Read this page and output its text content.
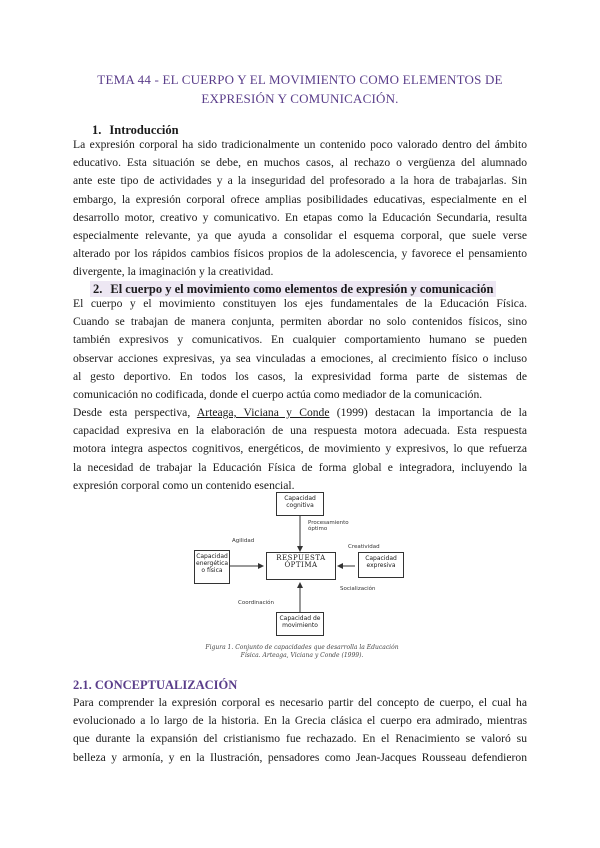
TEMA 44 - EL CUERPO Y EL MOVIMIENTO COMO ELEMENTOS DE
EXPRESIÓN Y COMUNICACIÓN.
1. Introducción
La expresión corporal ha sido tradicionalmente un contenido poco valorado dentro del ámbito
educativo. Esta situación se debe, en muchos casos, al rechazo o vergüenza del alumnado
ante este tipo de actividades y a la inseguridad del profesorado a la hora de trabajarlas. Sin
embargo, la expresión corporal ofrece amplias posibilidades educativas, especialmente en el
desarrollo motor, creativo y comunicativo. En etapas como la Educación Secundaria, resulta
especialmente relevante, ya que ayuda a consolidar el esquema corporal, que suele verse
alterado por los rápidos cambios físicos propios de la adolescencia, y favorece el pensamiento
divergente, la imaginación y la creatividad.
2. El cuerpo y el movimiento como elementos de expresión y comunicación
El cuerpo y el movimiento constituyen los ejes fundamentales de la Educación Física.
Cuando se trabajan de manera conjunta, permiten abordar no solo contenidos físicos, sino
también expresivos y comunicativos. En cualquier comportamiento humano se pueden
observar acciones expresivas, ya sea vinculadas a emociones, al crecimiento físico o incluso
al gesto deportivo. En todos los casos, la expresividad forma parte de sistemas de
comunicación no codificada, donde el cuerpo actúa como mediador de la comunicación.
Desde esta perspectiva, Arteaga, Viciana y Conde (1999) destacan la importancia de la
capacidad expresiva en la elaboración de una respuesta motora adecuada. Esta respuesta
motora integra aspectos cognitivos, energéticos, de movimiento y expresivos, lo que refuerza
la necesidad de trabajar la Educación Física de forma global e integradora, incluyendo la
expresión corporal como un contenido esencial.
Capacidad cognitiva
Capacidad energética o física
RESPUESTA ÓPTIMA
Capacidad expresiva
Capacidad de movimiento
Procesamiento óptimo
Agilidad
Creatividad
Socialización
Coordinación
Figura 1. Conjunto de capacidades que desarrolla la Educación Física. Arteaga, Viciana y Conde (1999).
2.1. CONCEPTUALIZACIÓN
Para comprender la expresión corporal es necesario partir del concepto de cuerpo, el cual ha
evolucionado a lo largo de la historia. En la Grecia clásica el cuerpo era admirado, mientras
que durante la expansión del cristianismo fue rechazado. En el Renacimiento se valoró su
belleza y armonía, y en la Ilustración, pensadores como Jean-Jacques Rousseau defendieron
